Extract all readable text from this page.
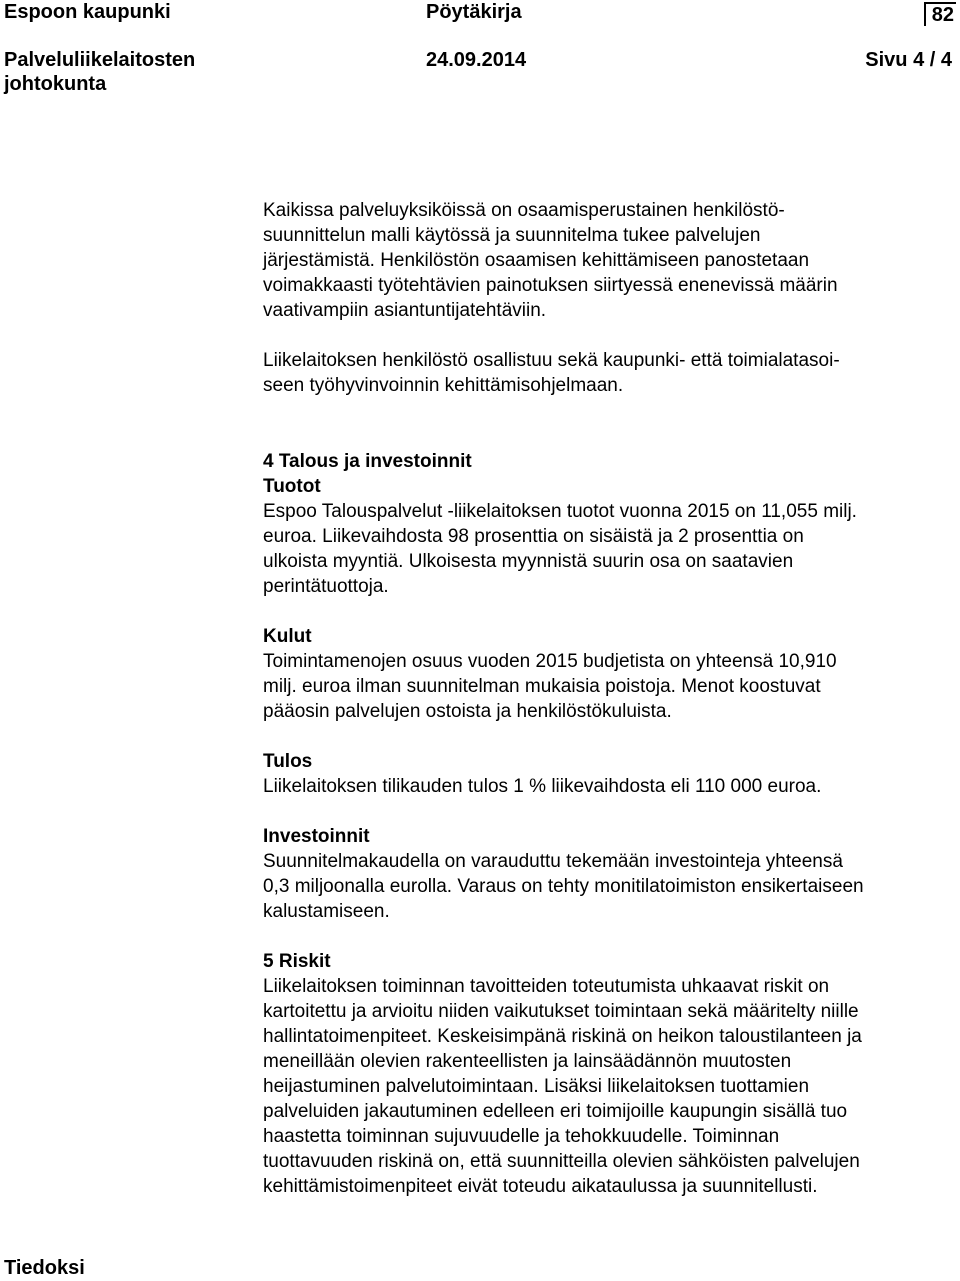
Espoon kaupunki	Pöytäkirja	82
Palveluliikelaitosten	24.09.2014	Sivu 4 / 4
johtokunta
Kaikissa palveluyksiköissä on osaamisperustainen henkilöstö-
suunnittelun malli käytössä ja suunnitelma tukee palvelujen
järjestämistä. Henkilöstön osaamisen kehittämiseen panostetaan
voimakkaasti työtehtävien painotuksen siirtyessä enenevissä määrin
vaativampiin asiantuntijatehtäviin.
Liikelaitoksen henkilöstö osallistuu sekä kaupunki- että toimialatasoi-
seen työhyvinvoinnin kehittämisohjelmaan.
4 Talous ja investoinnit
Tuotot
Espoo Talouspalvelut -liikelaitoksen tuotot vuonna 2015 on 11,055 milj.
euroa. Liikevaihdosta 98 prosenttia on sisäistä ja 2 prosenttia on
ulkoista myyntiä. Ulkoisesta myynnistä suurin osa on saatavien
perintätuottoja.
Kulut
Toimintamenojen osuus vuoden 2015 budjetista on yhteensä 10,910
milj. euroa ilman suunnitelman mukaisia poistoja. Menot koostuvat
pääosin palvelujen ostoista ja henkilöstökuluista.
Tulos
Liikelaitoksen tilikauden tulos 1 % liikevaihdosta eli 110 000 euroa.
Investoinnit
Suunnitelmakaudella on varauduttu tekemään investointeja yhteensä
0,3 miljoonalla eurolla. Varaus on tehty monitilatoimiston ensikertaiseen
kalustamiseen.
5 Riskit
Liikelaitoksen toiminnan tavoitteiden toteutumista uhkaavat riskit on
kartoitettu ja arvioitu niiden vaikutukset toimintaan sekä määritelty niille
hallintatoimenpiteet. Keskeisimpänä riskinä on heikon taloustilanteen ja
meneillään olevien rakenteellisten ja lainsäädännön muutosten
heijastuminen palvelutoimintaan. Lisäksi liikelaitoksen tuottamien
palveluiden jakautuminen edelleen eri toimijoille kaupungin sisällä tuo
haastetta toiminnan sujuvuudelle ja tehokkuudelle. Toiminnan
tuottavuuden riskinä on, että suunnitteilla olevien sähköisten palvelujen
kehittämistoimenpiteet eivät toteudu aikataulussa ja suunnitellusti.
Tiedoksi
